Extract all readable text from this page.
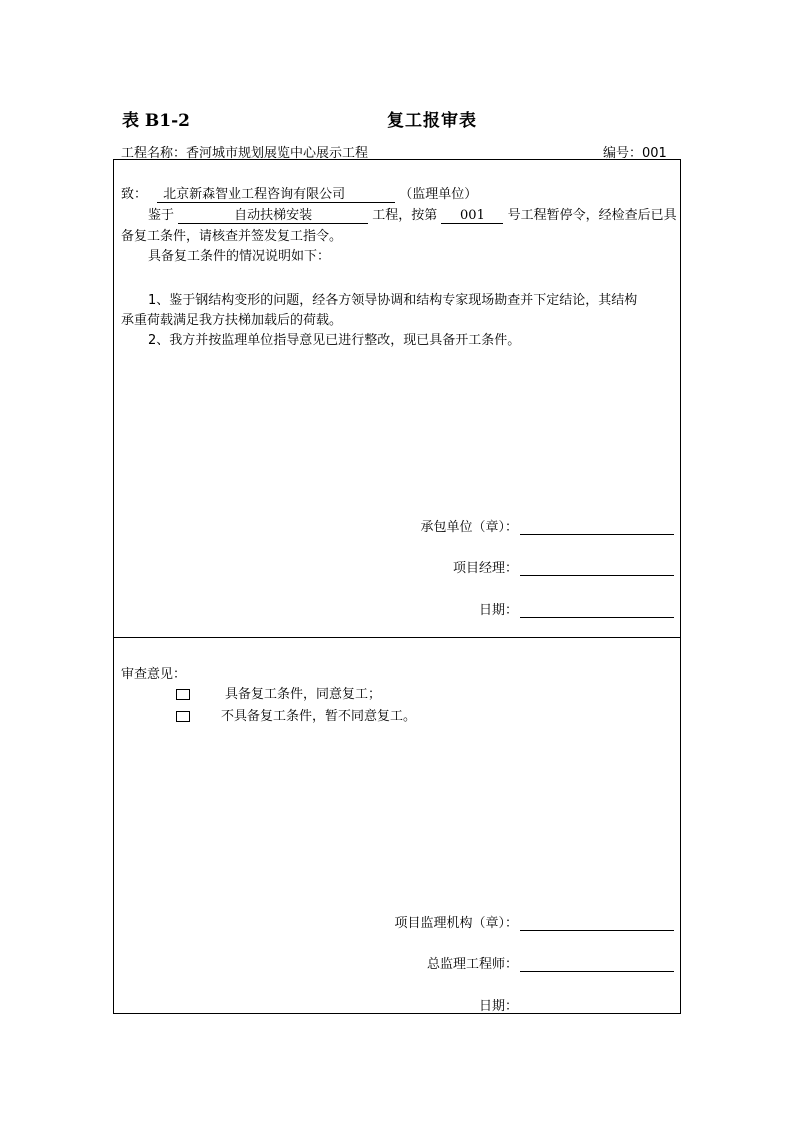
表 B1-2	复工报审表
工程名称：香河城市规划展览中心展示工程	编号：001
致： 北京新森智业工程咨询有限公司	（监理单位）
鉴于	自动扶梯安装	工程，按第 001 号工程暂停令，经检查后已具
备复工条件，请核查并签发复工指令。
具备复工条件的情况说明如下：
1、鉴于钢结构变形的问题，经各方领导协调和结构专家现场勘查并下定结论，其结构
承重荷载满足我方扶梯加载后的荷载。
2、我方并按监理单位指导意见已进行整改，现已具备开工条件。
承包单位（章）：
项目经理：
日期：
审查意见：
具备复工条件，同意复工；
不具备复工条件，暂不同意复工。
项目监理机构（章）：
总监理工程师：
日期：
